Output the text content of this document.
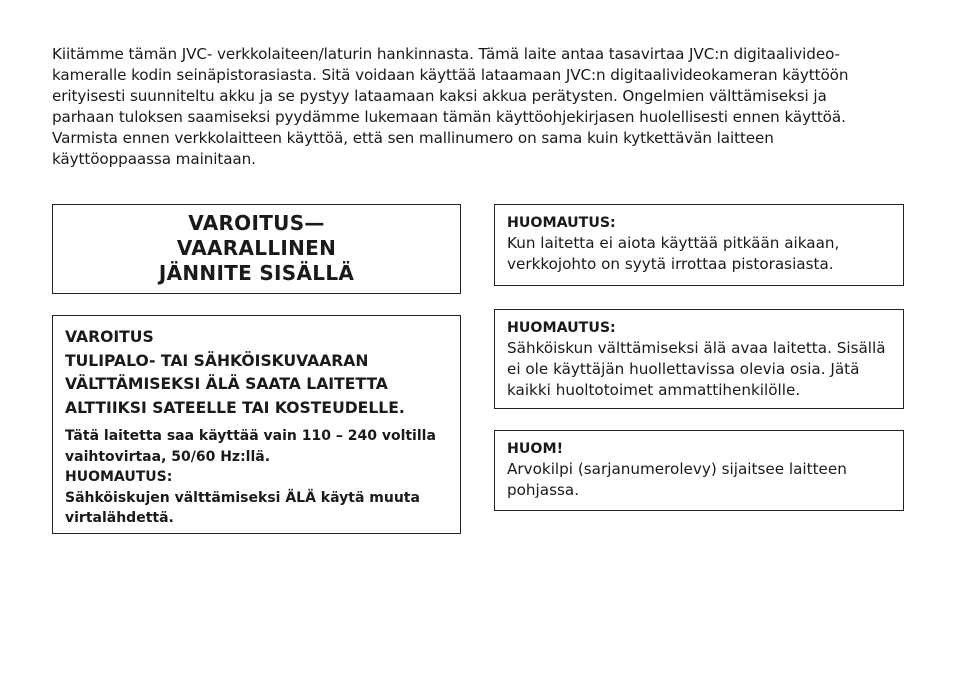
Kiitämme tämän JVC- verkkolaiteen/laturin hankinnasta. Tämä laite antaa tasavirtaa JVC:n digitaalivideo-
kameralle kodin seinäpistorasiasta. Sitä voidaan käyttää lataamaan JVC:n digitaalivideokameran käyttöön
erityisesti suunniteltu akku ja se pystyy lataamaan kaksi akkua perätysten. Ongelmien välttämiseksi ja
parhaan tuloksen saamiseksi pyydämme lukemaan tämän käyttöohjekirjasen huolellisesti ennen käyttöä.
Varmista ennen verkkolaitteen käyttöä, että sen mallinumero on sama kuin kytkettävän laitteen
käyttöoppaassa mainitaan.
VAROITUS—
VAARALLINEN
JÄNNITE SISÄLLÄ
VAROITUS
TULIPALO- TAI SÄHKÖISKUVAARAN
VÄLTTÄMISEKSI ÄLÄ SAATA LAITETTA
ALTTIIKSI SATEELLE TAI KOSTEUDELLE.
Tätä laitetta saa käyttää vain 110 – 240 voltilla
vaihtovirtaa, 50/60 Hz:llä.
HUOMAUTUS:
Sähköiskujen välttämiseksi ÄLÄ käytä muuta
virtalähdettä.
HUOMAUTUS:
Kun laitetta ei aiota käyttää pitkään aikaan,
verkkojohto on syytä irrottaa pistorasiasta.
HUOMAUTUS:
Sähköiskun välttämiseksi älä avaa laitetta. Sisällä
ei ole käyttäjän huollettavissa olevia osia. Jätä
kaikki huoltotoimet ammattihenkilölle.
HUOM!
Arvokilpi (sarjanumerolevy) sijaitsee laitteen
pohjassa.
